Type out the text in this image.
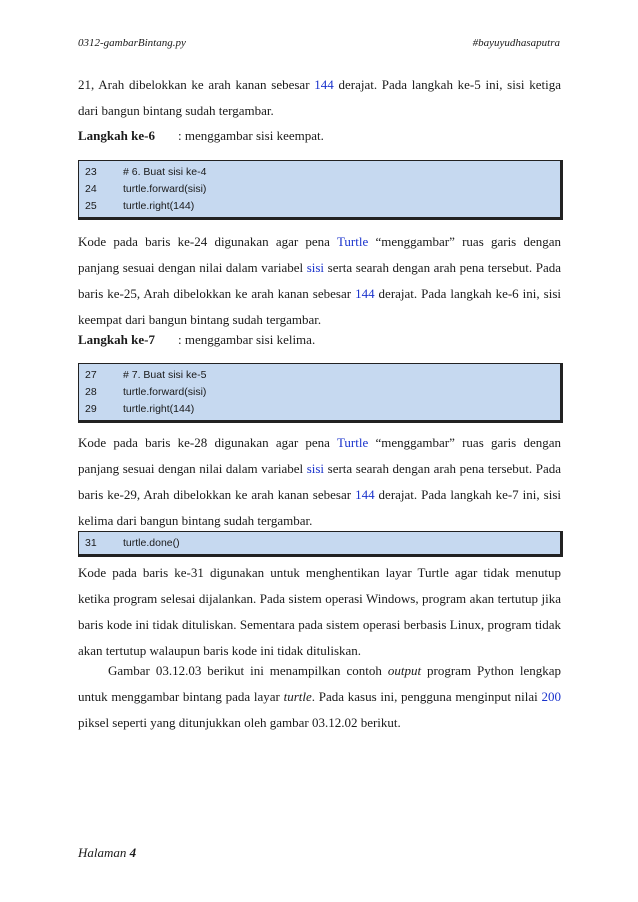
0312-gambarBintang.py	#bayuyudhasaputra

21, Arah dibelokkan ke arah kanan sebesar 144 derajat. Pada langkah ke-5 ini, sisi ketiga dari bangun bintang sudah tergambar.

Langkah ke-6 : menggambar sisi keempat.
23	# 6. Buat sisi ke-4
24	turtle.forward(sisi)
25	turtle.right(144)

Kode pada baris ke-24 digunakan agar pena Turtle “menggambar” ruas garis dengan panjang sesuai dengan nilai dalam variabel sisi serta searah dengan arah pena tersebut. Pada baris ke-25, Arah dibelokkan ke arah kanan sebesar 144 derajat. Pada langkah ke-6 ini, sisi keempat dari bangun bintang sudah tergambar.

Langkah ke-7 : menggambar sisi kelima.
27	# 7. Buat sisi ke-5
28	turtle.forward(sisi)
29	turtle.right(144)

Kode pada baris ke-28 digunakan agar pena Turtle “menggambar” ruas garis dengan panjang sesuai dengan nilai dalam variabel sisi serta searah dengan arah pena tersebut. Pada baris ke-29, Arah dibelokkan ke arah kanan sebesar 144 derajat. Pada langkah ke-7 ini, sisi kelima dari bangun bintang sudah tergambar.

31	turtle.done()

Kode pada baris ke-31 digunakan untuk menghentikan layar Turtle agar tidak menutup ketika program selesai dijalankan. Pada sistem operasi Windows, program akan tertutup jika baris kode ini tidak dituliskan. Sementara pada sistem operasi berbasis Linux, program tidak akan tertutup walaupun baris kode ini tidak dituliskan.

Gambar 03.12.03 berikut ini menampilkan contoh output program Python lengkap untuk menggambar bintang pada layar turtle. Pada kasus ini, pengguna menginput nilai 200 piksel seperti yang ditunjukkan oleh gambar 03.12.02 berikut.

Halaman 4
